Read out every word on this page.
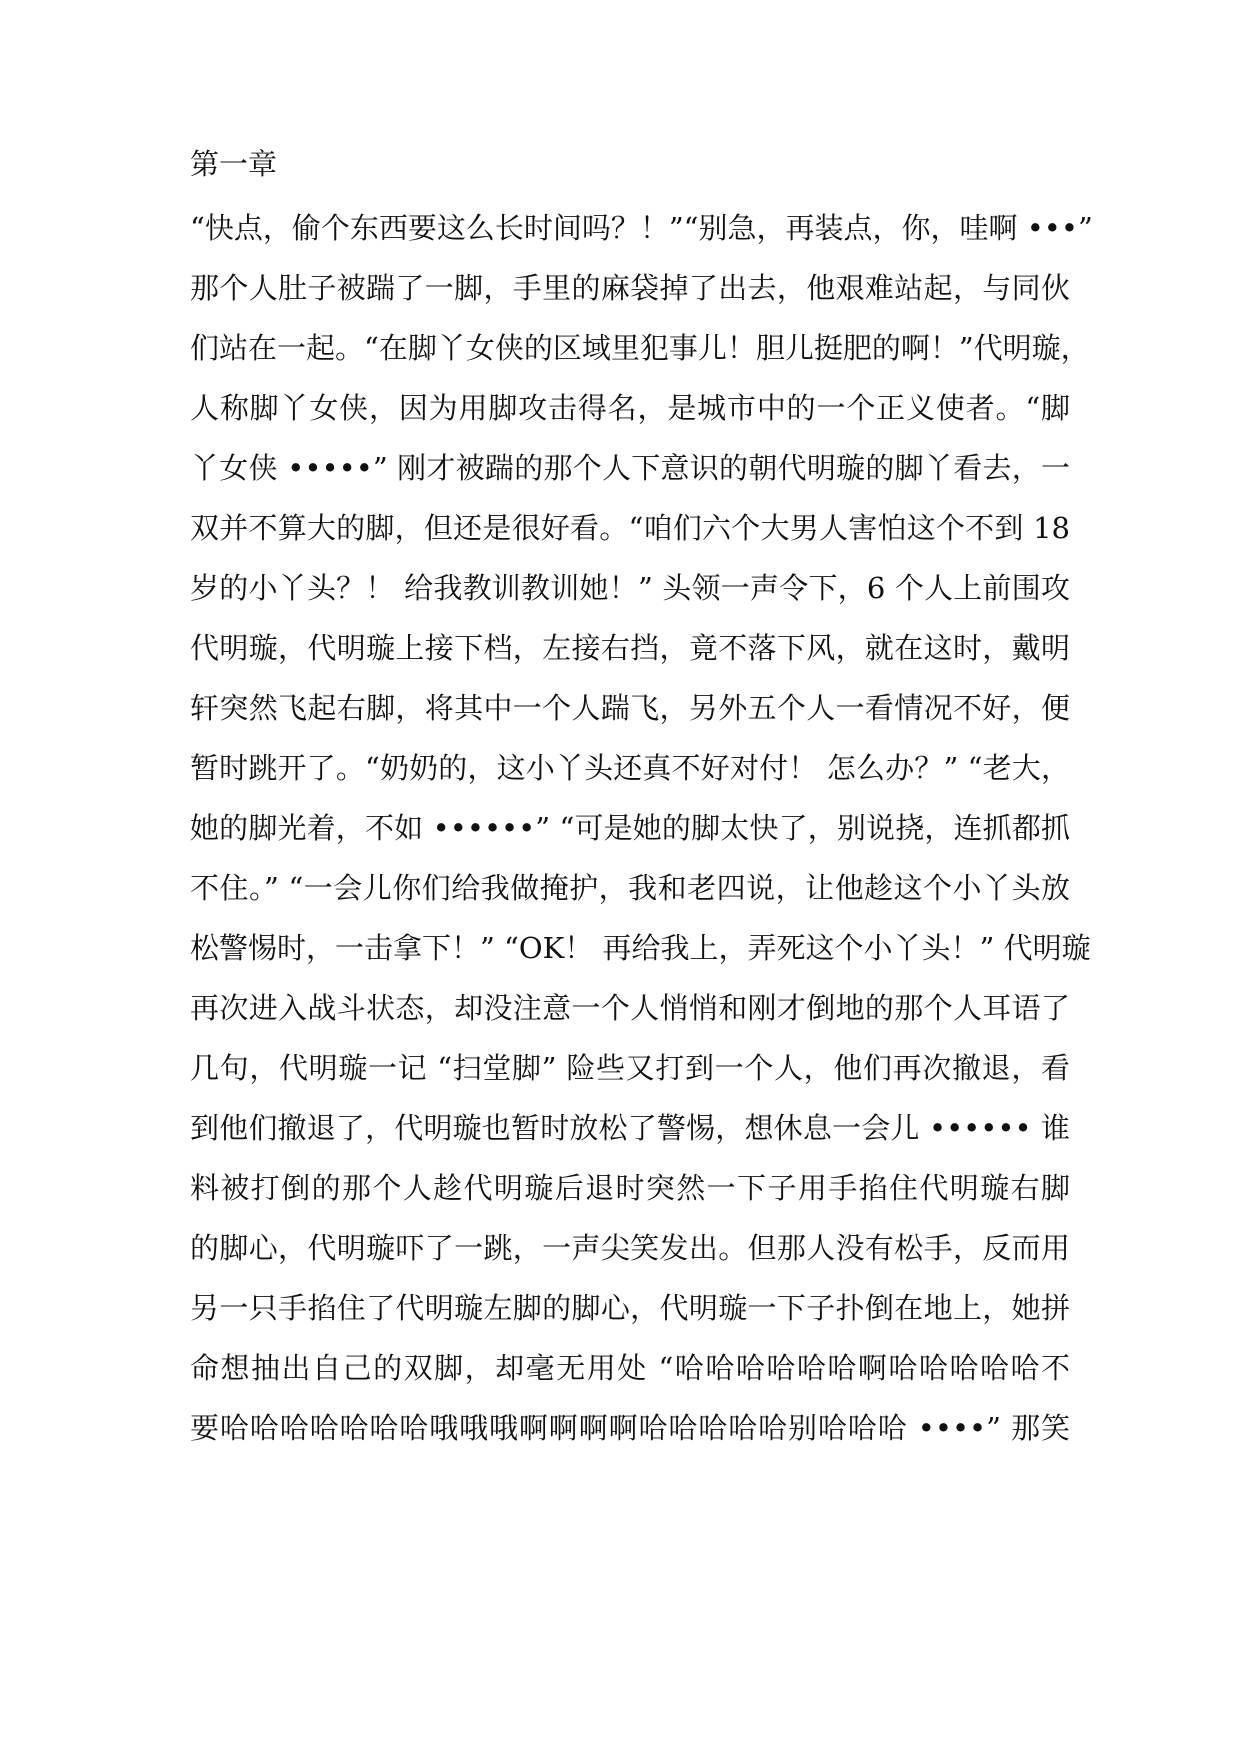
第一章
“快点，偷个东西要这么长时间吗？！”“别急，再装点，你，哇啊 •••”
那个人肚子被踹了一脚，手里的麻袋掉了出去，他艰难站起，与同伙
们站在一起。“在脚丫女侠的区域里犯事儿！胆儿挺肥的啊！”代明璇，
人称脚丫女侠，因为用脚攻击得名，是城市中的一个正义使者。“脚
丫女侠 •••••” 刚才被踹的那个人下意识的朝代明璇的脚丫看去，一
双并不算大的脚，但还是很好看。“咱们六个大男人害怕这个不到 18
岁的小丫头？！ 给我教训教训她！” 头领一声令下，6 个人上前围攻
代明璇，代明璇上接下档，左接右挡，竟不落下风，就在这时，戴明
轩突然飞起右脚，将其中一个人踹飞，另外五个人一看情况不好，便
暂时跳开了。“奶奶的，这小丫头还真不好对付！ 怎么办？” “老大，
她的脚光着，不如 ••••••” “可是她的脚太快了，别说挠，连抓都抓
不住。” “一会儿你们给我做掩护，我和老四说，让他趁这个小丫头放
松警惕时，一击拿下！” “OK！ 再给我上，弄死这个小丫头！” 代明璇
再次进入战斗状态，却没注意一个人悄悄和刚才倒地的那个人耳语了
几句，代明璇一记 “扫堂脚” 险些又打到一个人，他们再次撤退，看
到他们撤退了，代明璇也暂时放松了警惕，想休息一会儿 •••••• 谁
料被打倒的那个人趁代明璇后退时突然一下子用手掐住代明璇右脚
的脚心，代明璇吓了一跳，一声尖笑发出。但那人没有松手，反而用
另一只手掐住了代明璇左脚的脚心，代明璇一下子扑倒在地上，她拼
命想抽出自己的双脚，却毫无用处 “哈哈哈哈哈哈啊哈哈哈哈哈不
要哈哈哈哈哈哈哈哦哦哦啊啊啊啊哈哈哈哈哈别哈哈哈 ••••” 那笑
